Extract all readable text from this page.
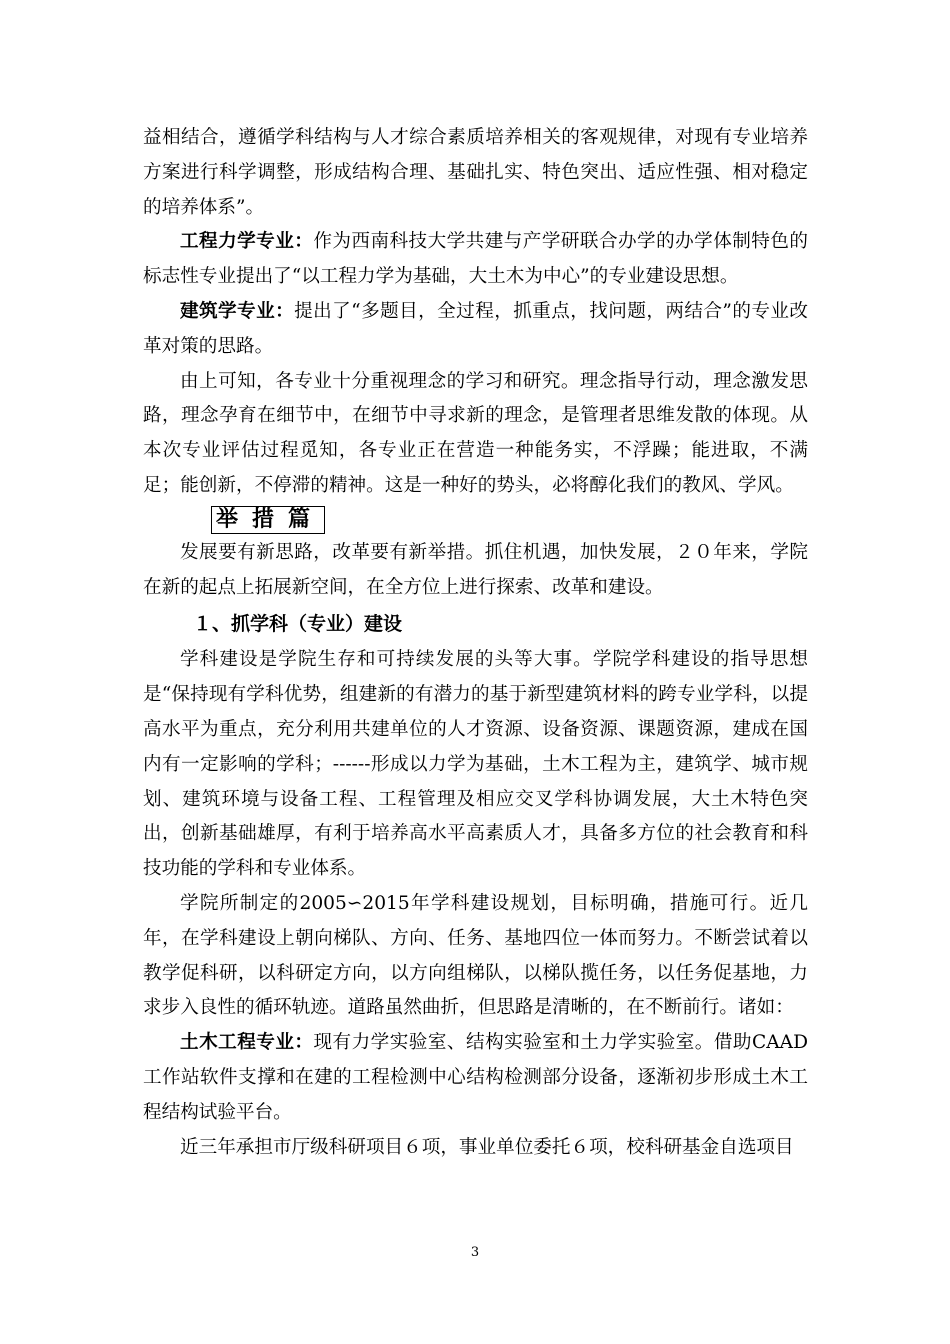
益相结合，遵循学科结构与人才综合素质培养相关的客观规律，对现有专业培养方案进行科学调整，形成结构合理、基础扎实、特色突出、适应性强、相对稳定的培养体系”。

工程力学专业：作为西南科技大学共建与产学研联合办学的办学体制特色的标志性专业提出了“以工程力学为基础，大土木为中心”的专业建设思想。

建筑学专业：提出了“多题目，全过程，抓重点，找问题，两结合”的专业改革对策的思路。

由上可知，各专业十分重视理念的学习和研究。理念指导行动，理念激发思路，理念孕育在细节中，在细节中寻求新的理念，是管理者思维发散的体现。从本次专业评估过程觅知，各专业正在营造一种能务实，不浮躁；能进取，不满足；能创新，不停滞的精神。这是一种好的势头，必将醇化我们的教风、学风。

举措篇

发展要有新思路，改革要有新举措。抓住机遇，加快发展，２０年来，学院在新的起点上拓展新空间，在全方位上进行探索、改革和建设。

１、抓学科（专业）建设

学科建设是学院生存和可持续发展的头等大事。学院学科建设的指导思想是“保持现有学科优势，组建新的有潜力的基于新型建筑材料的跨专业学科，以提高水平为重点，充分利用共建单位的人才资源、设备资源、课题资源，建成在国内有一定影响的学科；------形成以力学为基础，土木工程为主，建筑学、城市规划、建筑环境与设备工程、工程管理及相应交叉学科协调发展，大土木特色突出，创新基础雄厚，有利于培养高水平高素质人才，具备多方位的社会教育和科技功能的学科和专业体系。

学院所制定的2005∽2015年学科建设规划，目标明确，措施可行。近几年，在学科建设上朝向梯队、方向、任务、基地四位一体而努力。不断尝试着以教学促科研，以科研定方向，以方向组梯队，以梯队揽任务，以任务促基地，力求步入良性的循环轨迹。道路虽然曲折，但思路是清晰的，在不断前行。诸如：

土木工程专业：现有力学实验室、结构实验室和土力学实验室。借助CAAD工作站软件支撑和在建的工程检测中心结构检测部分设备，逐渐初步形成土木工程结构试验平台。

近三年承担市厅级科研项目６项，事业单位委托６项，校科研基金自选项目

3
